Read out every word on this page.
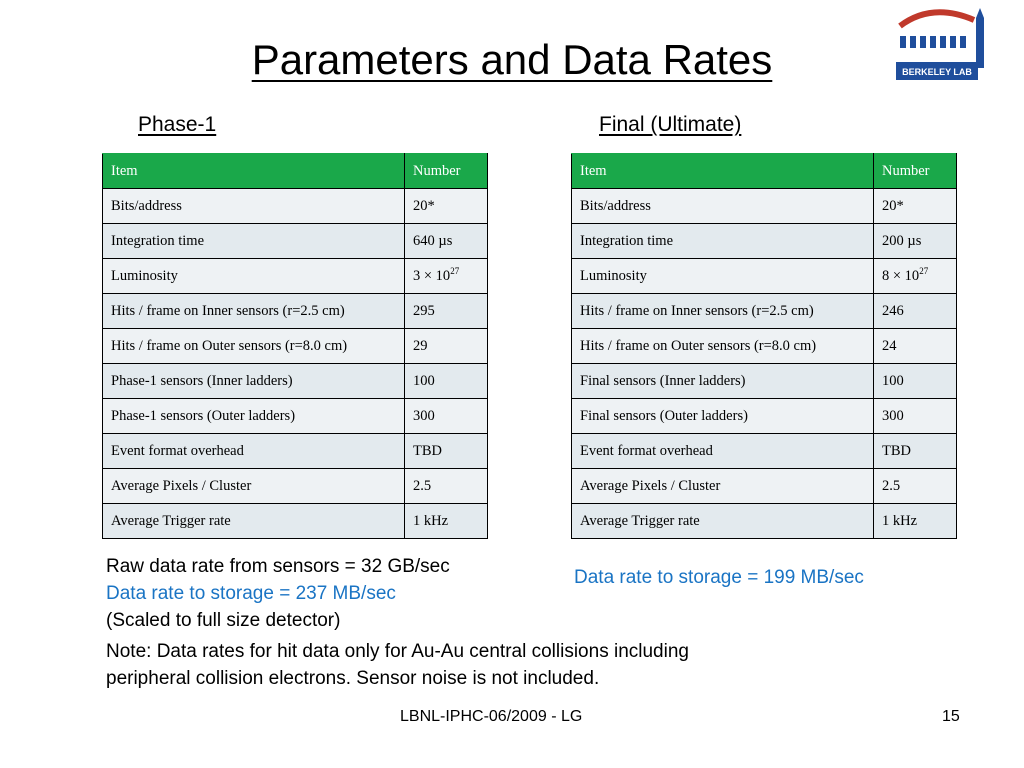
Parameters and Data Rates	BERKELEY LAB
Phase-1
Item	Number
Bits/address	20*
Integration time	640 µs
Luminosity	$3 \times 10^{27}$
Hits / frame on Inner sensors (r=2.5 cm)	295
Hits / frame on Outer sensors (r=8.0 cm)	29
Phase-1 sensors (Inner ladders)	100
Phase-1 sensors (Outer ladders)	300
Event format overhead	TBD
Average Pixels / Cluster	2.5
Average Trigger rate	1 kHz
Final (Ultimate)
Item	Number
Bits/address	20*
Integration time	200 µs
Luminosity	$8 \times 10^{27}$
Hits / frame on Inner sensors (r=2.5 cm)	246
Hits / frame on Outer sensors (r=8.0 cm)	24
Final sensors (Inner ladders)	100
Final sensors (Outer ladders)	300
Event format overhead	TBD
Average Pixels / Cluster	2.5
Average Trigger rate	1 kHz
Raw data rate from sensors = 32 GB/sec
Data rate to storage = 237 MB/sec
(Scaled to full size detector)
Data rate to storage = 199 MB/sec
Note: Data rates for hit data only for Au-Au central collisions including
peripheral collision electrons. Sensor noise is not included.
LBNL-IPHC-06/2009 - LG	15
